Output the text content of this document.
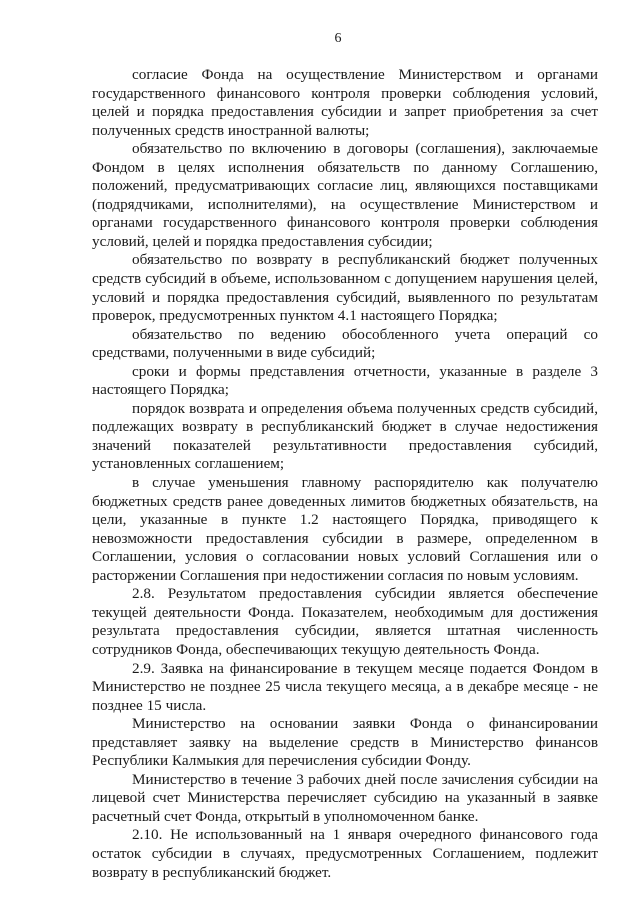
6

согласие Фонда на осуществление Министерством и органами государственного финансового контроля проверки соблюдения условий, целей и порядка предоставления субсидии и запрет приобретения за счет полученных средств иностранной валюты;

обязательство по включению в договоры (соглашения), заключаемые Фондом в целях исполнения обязательств по данному Соглашению, положений, предусматривающих согласие лиц, являющихся поставщиками (подрядчиками, исполнителями), на осуществление Министерством и органами государственного финансового контроля проверки соблюдения условий, целей и порядка предоставления субсидии;

обязательство по возврату в республиканский бюджет полученных средств субсидий в объеме, использованном с допущением нарушения целей, условий и порядка предоставления субсидий, выявленного по результатам проверок, предусмотренных пунктом 4.1 настоящего Порядка;

обязательство по ведению обособленного учета операций со средствами, полученными в виде субсидий;

сроки и формы представления отчетности, указанные в разделе 3 настоящего Порядка;

порядок возврата и определения объема полученных средств субсидий, подлежащих возврату в республиканский бюджет в случае недостижения значений показателей результативности предоставления субсидий, установленных соглашением;

в случае уменьшения главному распорядителю как получателю бюджетных средств ранее доведенных лимитов бюджетных обязательств, на цели, указанные в пункте 1.2 настоящего Порядка, приводящего к невозможности предоставления субсидии в размере, определенном в Соглашении, условия о согласовании новых условий Соглашения или о расторжении Соглашения при недостижении согласия по новым условиям.

2.8. Результатом предоставления субсидии является обеспечение текущей деятельности Фонда. Показателем, необходимым для достижения результата предоставления субсидии, является штатная численность сотрудников Фонда, обеспечивающих текущую деятельность Фонда.

2.9. Заявка на финансирование в текущем месяце подается Фондом в Министерство не позднее 25 числа текущего месяца, а в декабре месяце - не позднее 15 числа.

Министерство на основании заявки Фонда о финансировании представляет заявку на выделение средств в Министерство финансов Республики Калмыкия для перечисления субсидии Фонду.

Министерство в течение 3 рабочих дней после зачисления субсидии на лицевой счет Министерства перечисляет субсидию на указанный в заявке расчетный счет Фонда, открытый в уполномоченном банке.

2.10. Не использованный на 1 января очередного финансового года остаток субсидии в случаях, предусмотренных Соглашением, подлежит возврату в республиканский бюджет.
